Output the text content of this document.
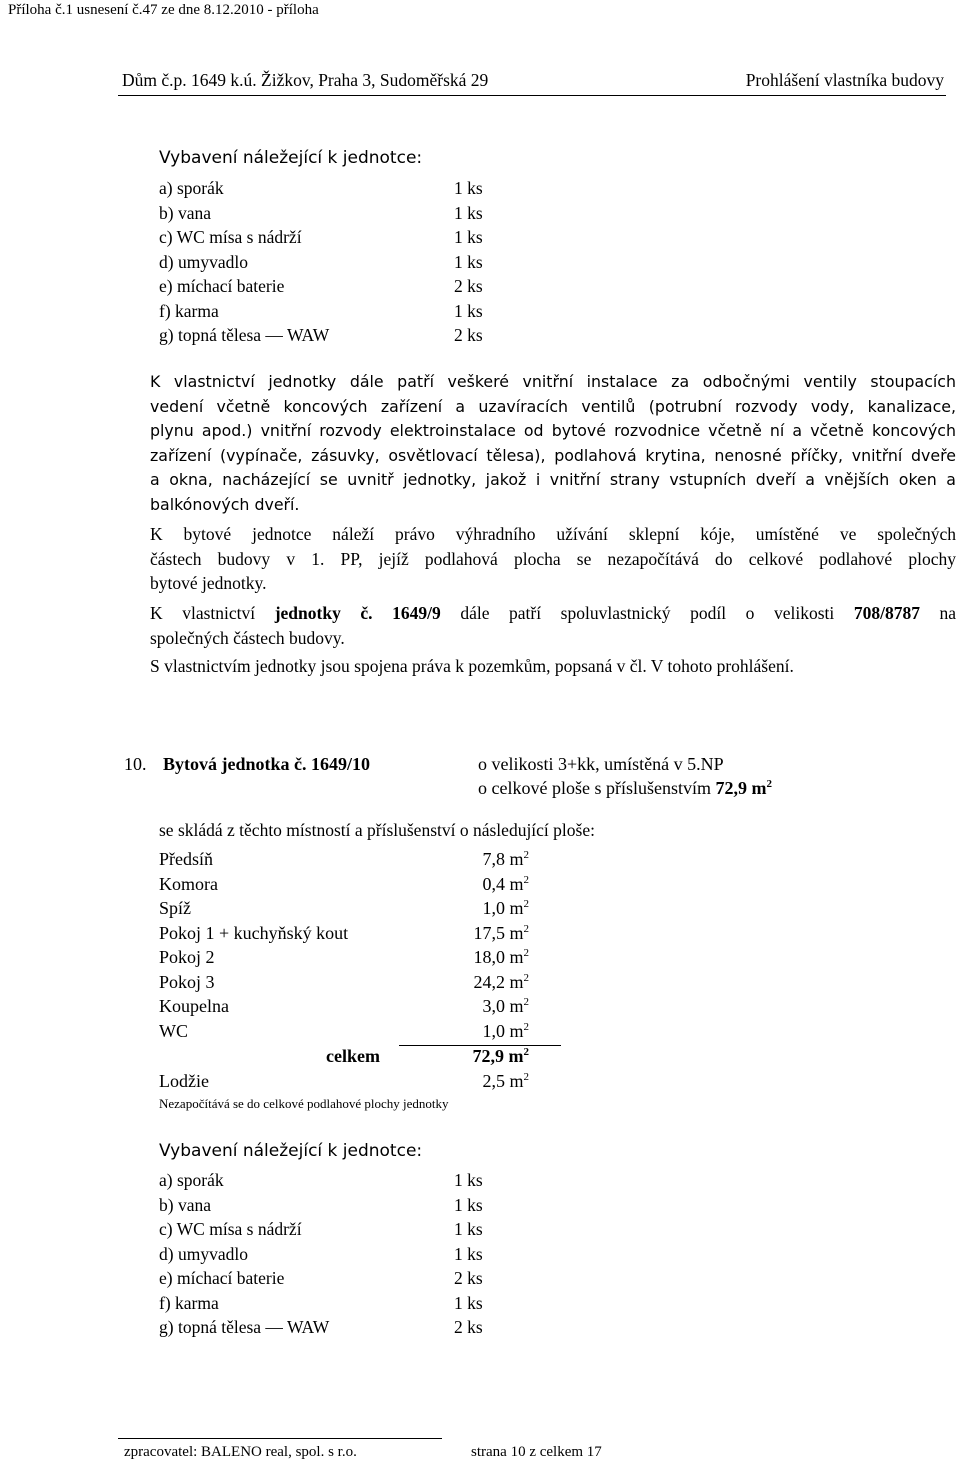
Příloha č.1 usnesení č.47 ze dne 8.12.2010 - příloha
Dům č.p. 1649 k.ú. Žižkov, Praha 3, Sudoměřská 29	Prohlášení vlastníka budovy
Vybavení náležející k jednotce:
a) sporák	1 ks
b) vana	1 ks
c) WC mísa s nádrží	1 ks
d) umyvadlo	1 ks
e) míchací baterie	2 ks
f) karma	1 ks
g) topná tělesa — WAW	2 ks
K vlastnictví jednotky dále patří veškeré vnitřní instalace za odbočnými ventily stoupacích
vedení včetně koncových zařízení a uzavíracích ventilů (potrubní rozvody vody, kanalizace,
plynu apod.) vnitřní rozvody elektroinstalace od bytové rozvodnice včetně ní a včetně koncových
zařízení (vypínače, zásuvky, osvětlovací tělesa), podlahová krytina, nenosné příčky, vnitřní dveře
a okna, nacházející se uvnitř jednotky, jakož i vnitřní strany vstupních dveří a vnějších oken a
balkónových dveří.
K bytové jednotce náleží právo výhradního užívání sklepní kóje, umístěné ve společných
částech budovy v 1. PP, jejíž podlahová plocha se nezapočítává do celkové podlahové plochy
bytové jednotky.
K vlastnictví jednotky č. 1649/9 dále patří spoluvlastnický podíl o velikosti 708/8787 na
společných částech budovy.
S vlastnictvím jednotky jsou spojena práva k pozemkům, popsaná v čl. V tohoto prohlášení.
10. Bytová jednotka č. 1649/10	o velikosti 3+kk, umístěná v 5.NP
o celkové ploše s příslušenstvím 72,9 $m^2$
se skládá z těchto místností a příslušenství o následující ploše:
Předsíň	7,8 $m^2$
Komora	0,4 $m^2$
Spíž	1,0 $m^2$
Pokoj 1 + kuchyňský kout	17,5 $m^2$
Pokoj 2	18,0 $m^2$
Pokoj 3	24,2 $m^2$
Koupelna	3,0 $m^2$
WC	1,0 $m^2$
celkem	72,9 $m^2$
Lodžie	2,5 $m^2$
Nezapočítává se do celkové podlahové plochy jednotky
Vybavení náležející k jednotce:
a) sporák	1 ks
b) vana	1 ks
c) WC mísa s nádrží	1 ks
d) umyvadlo	1 ks
e) míchací baterie	2 ks
f) karma	1 ks
g) topná tělesa — WAW	2 ks
zpracovatel: BALENO real, spol. s r.o.	strana 10 z celkem 17
